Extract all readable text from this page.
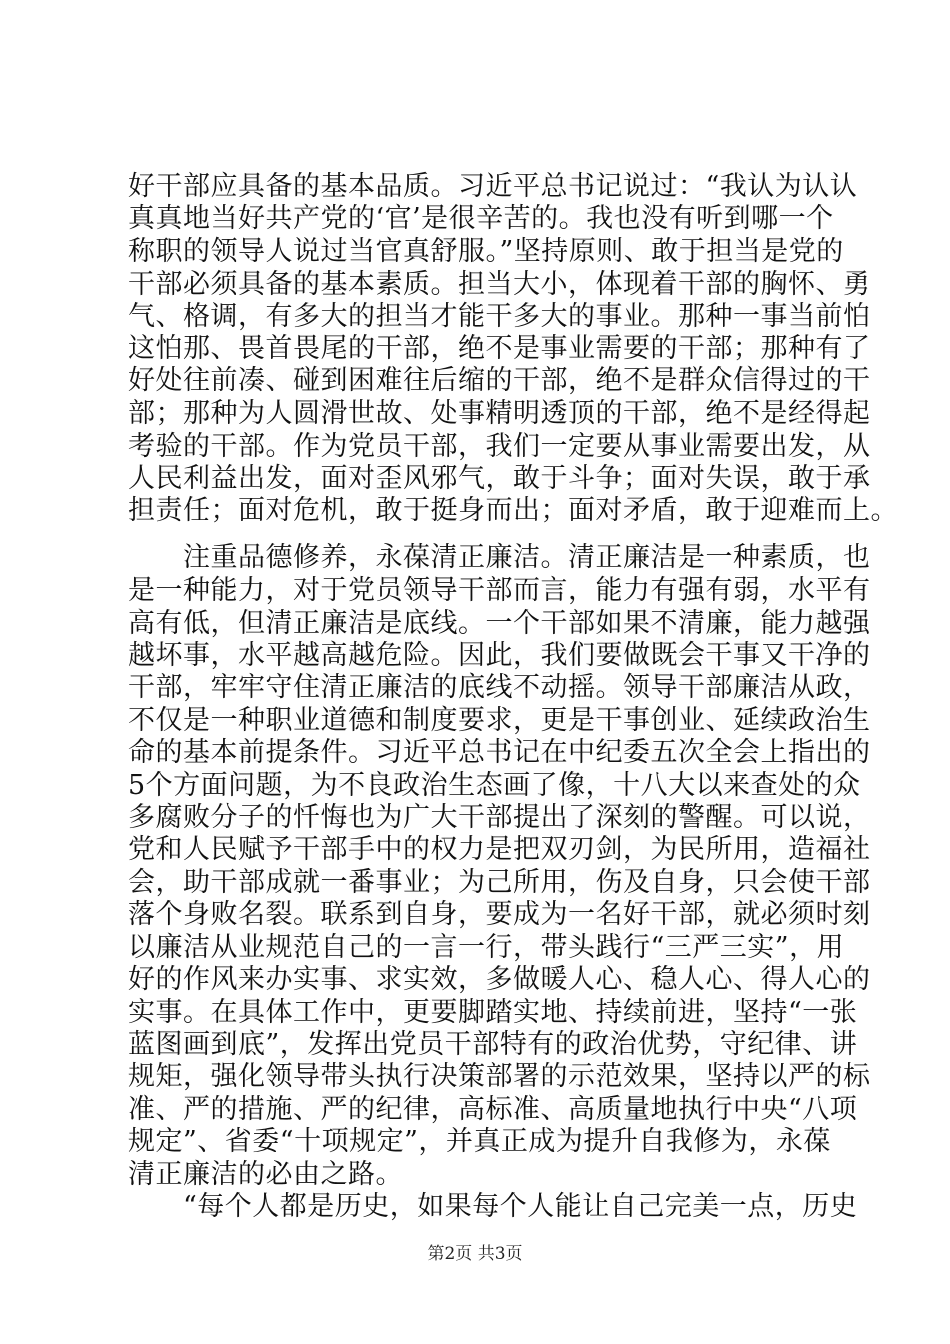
好干部应具备的基本品质。习近平总书记说过：“我认为认认
真真地当好共产党的‘官’是很辛苦的。我也没有听到哪一个
称职的领导人说过当官真舒服。”坚持原则、敢于担当是党的
干部必须具备的基本素质。担当大小，体现着干部的胸怀、勇
气、格调，有多大的担当才能干多大的事业。那种一事当前怕
这怕那、畏首畏尾的干部，绝不是事业需要的干部；那种有了
好处往前凑、碰到困难往后缩的干部，绝不是群众信得过的干
部；那种为人圆滑世故、处事精明透顶的干部，绝不是经得起
考验的干部。作为党员干部，我们一定要从事业需要出发，从
人民利益出发，面对歪风邪气，敢于斗争；面对失误，敢于承
担责任；面对危机，敢于挺身而出；面对矛盾，敢于迎难而上。
　　注重品德修养，永葆清正廉洁。清正廉洁是一种素质，也
是一种能力，对于党员领导干部而言，能力有强有弱，水平有
高有低，但清正廉洁是底线。一个干部如果不清廉，能力越强
越坏事，水平越高越危险。因此，我们要做既会干事又干净的
干部，牢牢守住清正廉洁的底线不动摇。领导干部廉洁从政，
不仅是一种职业道德和制度要求，更是干事创业、延续政治生
命的基本前提条件。习近平总书记在中纪委五次全会上指出的
5个方面问题，为不良政治生态画了像，十八大以来查处的众
多腐败分子的忏悔也为广大干部提出了深刻的警醒。可以说，
党和人民赋予干部手中的权力是把双刃剑，为民所用，造福社
会，助干部成就一番事业；为己所用，伤及自身，只会使干部
落个身败名裂。联系到自身，要成为一名好干部，就必须时刻
以廉洁从业规范自己的一言一行，带头践行“三严三实”，用
好的作风来办实事、求实效，多做暖人心、稳人心、得人心的
实事。在具体工作中，更要脚踏实地、持续前进，坚持“一张
蓝图画到底”，发挥出党员干部特有的政治优势，守纪律、讲
规矩，强化领导带头执行决策部署的示范效果，坚持以严的标
准、严的措施、严的纪律，高标准、高质量地执行中央“八项
规定”、省委“十项规定”，并真正成为提升自我修为，永葆
清正廉洁的必由之路。
　　“每个人都是历史，如果每个人能让自己完美一点，历史
第2页 共3页
